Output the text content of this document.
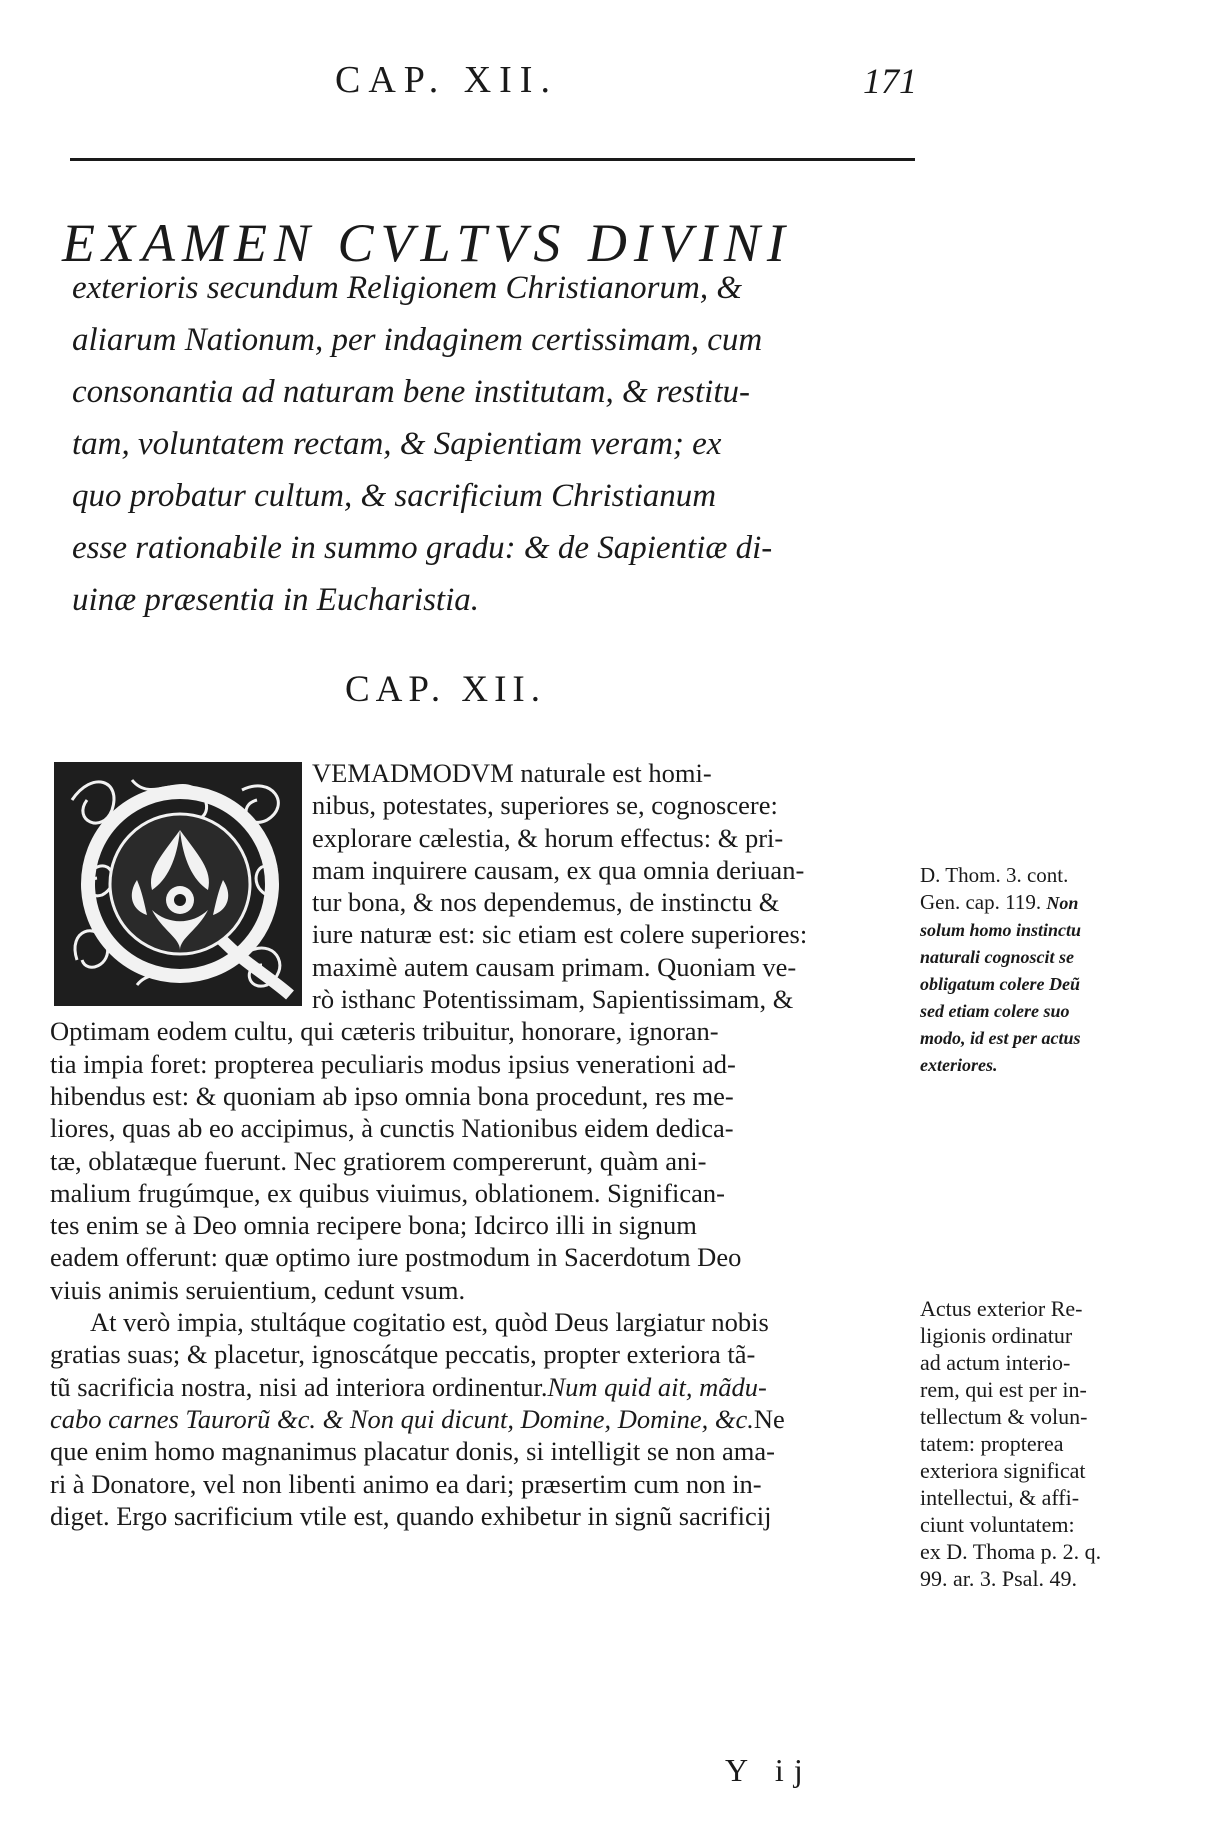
CAP. XII.	171
EXAMEN CVLTVS DIVINI
exterioris secundum Religionem Christianorum, &
aliarum Nationum, per indaginem certissimam, cum
consonantia ad naturam bene institutam, & restitu-
tam, voluntatem rectam, & Sapientiam veram; ex
quo probatur cultum, & sacrificium Christianum
esse rationabile in summo gradu: & de Sapientiæ di-
uinæ præsentia in Eucharistia.
CAP. XII.
VEMADMODVM naturale est homi-
nibus, potestates, superiores se, cognoscere:
explorare cælestia, & horum effectus: & pri-
mam inquirere causam, ex qua omnia deriuan-
tur bona, & nos dependemus, de instinctu &
iure naturæ est: sic etiam est colere superiores:
maximè autem causam primam. Quoniam ve-
rò isthanc Potentissimam, Sapientissimam, &
Optimam eodem cultu, qui cæteris tribuitur, honorare, ignoran-
tia impia foret: propterea peculiaris modus ipsius venerationi ad-
hibendus est: & quoniam ab ipso omnia bona procedunt, res me-
liores, quas ab eo accipimus, à cunctis Nationibus eidem dedica-
tæ, oblatæque fuerunt. Nec gratiorem compererunt, quàm ani-
malium frugúmque, ex quibus viuimus, oblationem. Significan-
tes enim se à Deo omnia recipere bona; Idcirco illi in signum
eadem offerunt: quæ optimo iure postmodum in Sacerdotum Deo
viuis animis seruientium, cedunt vsum.
At verò impia, stultáque cogitatio est, quòd Deus largiatur nobis
gratias suas; & placetur, ignoscátque peccatis, propter exteriora tã-
tũ sacrificia nostra, nisi ad interiora ordinentur.Num quid ait, mãdu-
cabo carnes Taurorũ &c. & Non qui dicunt, Domine, Domine, &c.Ne
que enim homo magnanimus placatur donis, si intelligit se non ama-
ri à Donatore, vel non libenti animo ea dari; præsertim cum non in-
diget. Ergo sacrificium vtile est, quando exhibetur in signũ sacrificij
D. Thom. 3. cont.
Gen. cap. 119. Non
solum homo instinctu
naturali cognoscit se
obligatum colere Deũ
sed etiam colere suo
modo, id est per actus
exteriores.
Actus exterior Re-
ligionis ordinatur
ad actum interio-
rem, qui est per in-
tellectum & volun-
tatem: propterea
exteriora significat
intellectui, & affi-
ciunt voluntatem:
ex D. Thoma p. 2. q.
99. ar. 3. Psal. 49.
Y ij
